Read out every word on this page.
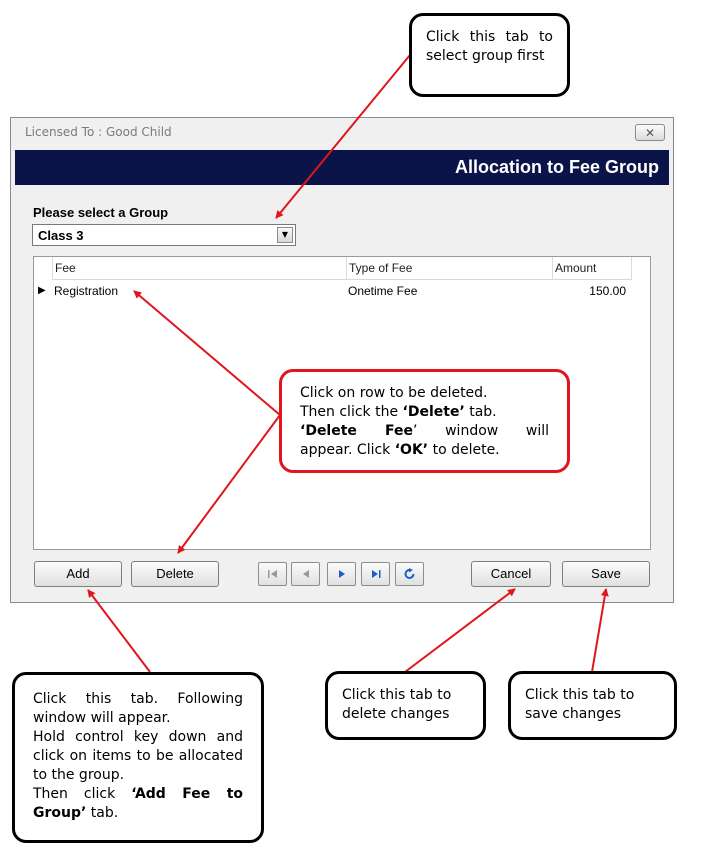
Licensed To : Good Child	✕
Allocation to Fee Group
Please select a Group
Class 3	▼
Fee	Type of Fee	Amount
▶ Registration	Onetime Fee	150.00
Add	Delete	Cancel	Save
Click this tab to select group first
Click on row to be deleted.
Then click the ‘Delete’ tab.
‘Delete Fee’ window will
appear. Click ‘OK’ to delete.
Click this tab. Following window will appear.
Hold control key down and click on items to be allocated to the group.
Then click ‘Add Fee to Group’ tab.
Click this tab to delete changes
Click this tab to save changes
